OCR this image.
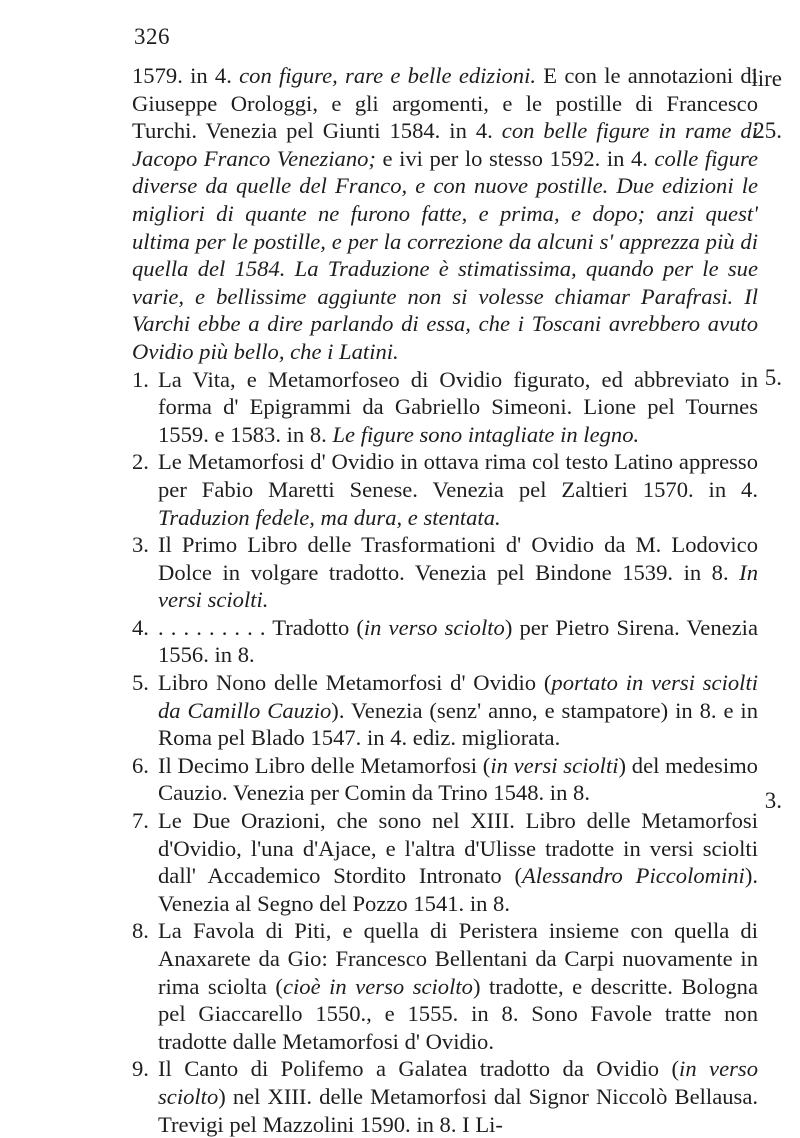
326
lire
25.
5.
3.

1579. in 4. con figure, rare e belle edizioni. E con le annotazioni di Giuseppe Orologgi, e gli argomenti, e le postille di Francesco Turchi. Venezia pel Giunti 1584. in 4. con belle figure in rame di Jacopo Franco Veneziano; e ivi per lo stesso 1592. in 4. colle figure diverse da quelle del Franco, e con nuove postille. Due edizioni le migliori di quante ne furono fatte, e prima, e dopo; anzi quest' ultima per le postille, e per la correzione da alcuni s' apprezza più di quella del 1584. La Traduzione è stimatissima, quando per le sue varie, e bellissime aggiunte non si volesse chiamar Parafrasi. Il Varchi ebbe a dire parlando di essa, che i Toscani avrebbero avuto Ovidio più bello, che i Latini.

1. La Vita, e Metamorfoseo di Ovidio figurato, ed abbreviato in forma d' Epigrammi da Gabriello Simeoni. Lione pel Tournes 1559. e 1583. in 8. Le figure sono intagliate in legno.
2. Le Metamorfosi d' Ovidio in ottava rima col testo Latino appresso per Fabio Maretti Senese. Venezia pel Zaltieri 1570. in 4. Traduzion fedele, ma dura, e stentata.
3. Il Primo Libro delle Trasformationi d' Ovidio da M. Lodovico Dolce in volgare tradotto. Venezia pel Bindone 1539. in 8. In versi sciolti.
4. . . . . . . . . . Tradotto (in verso sciolto) per Pietro Sirena. Venezia 1556. in 8.
5. Libro Nono delle Metamorfosi d' Ovidio (portato in versi sciolti da Camillo Cauzio). Venezia (senz' anno, e stampatore) in 8. e in Roma pel Blado 1547. in 4. ediz. migliorata.
6. Il Decimo Libro delle Metamorfosi (in versi sciolti) del medesimo Cauzio. Venezia per Comin da Trino 1548. in 8.
7. Le Due Orazioni, che sono nel XIII. Libro delle Metamorfosi d'Ovidio, l'una d'Ajace, e l'altra d'Ulisse tradotte in versi sciolti dall' Accademico Stordito Intronato (Alessandro Piccolomini). Venezia al Segno del Pozzo 1541. in 8.
8. La Favola di Piti, e quella di Peristera insieme con quella di Anaxarete da Gio: Francesco Bellentani da Carpi nuovamente in rima sciolta (cioè in verso sciolto) tradotte, e descritte. Bologna pel Giaccarello 1550., e 1555. in 8. Sono Favole tratte non tradotte dalle Metamorfosi d' Ovidio.
9. Il Canto di Polifemo a Galatea tradotto da Ovidio (in verso sciolto) nel XIII. delle Metamorfosi dal Signor Niccolò Bellausa. Trevigi pel Mazzolini 1590. in 8. I Li-
